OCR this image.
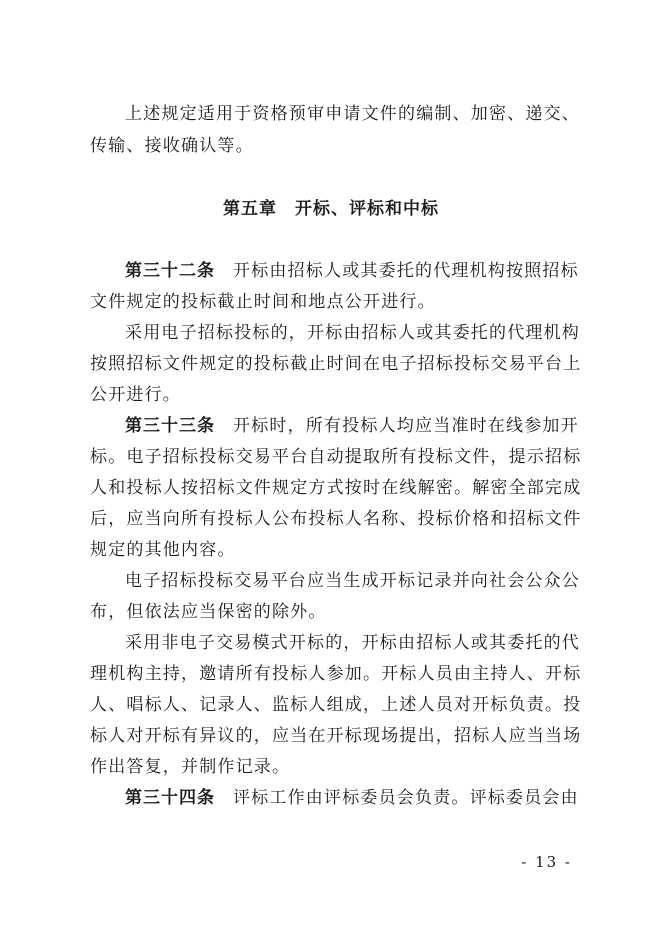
上述规定适用于资格预审申请文件的编制、加密、递交、
传输、接收确认等。
第五章　开标、评标和中标
第三十二条 开标由招标人或其委托的代理机构按照招标
文件规定的投标截止时间和地点公开进行。
采用电子招标投标的，开标由招标人或其委托的代理机构
按照招标文件规定的投标截止时间在电子招标投标交易平台上
公开进行。
第三十三条 开标时，所有投标人均应当准时在线参加开
标。电子招标投标交易平台自动提取所有投标文件，提示招标
人和投标人按招标文件规定方式按时在线解密。解密全部完成
后，应当向所有投标人公布投标人名称、投标价格和招标文件
规定的其他内容。
电子招标投标交易平台应当生成开标记录并向社会公众公
布，但依法应当保密的除外。
采用非电子交易模式开标的，开标由招标人或其委托的代
理机构主持，邀请所有投标人参加。开标人员由主持人、开标
人、唱标人、记录人、监标人组成，上述人员对开标负责。投
标人对开标有异议的，应当在开标现场提出，招标人应当当场
作出答复，并制作记录。
第三十四条 评标工作由评标委员会负责。评标委员会由
- 13 -
